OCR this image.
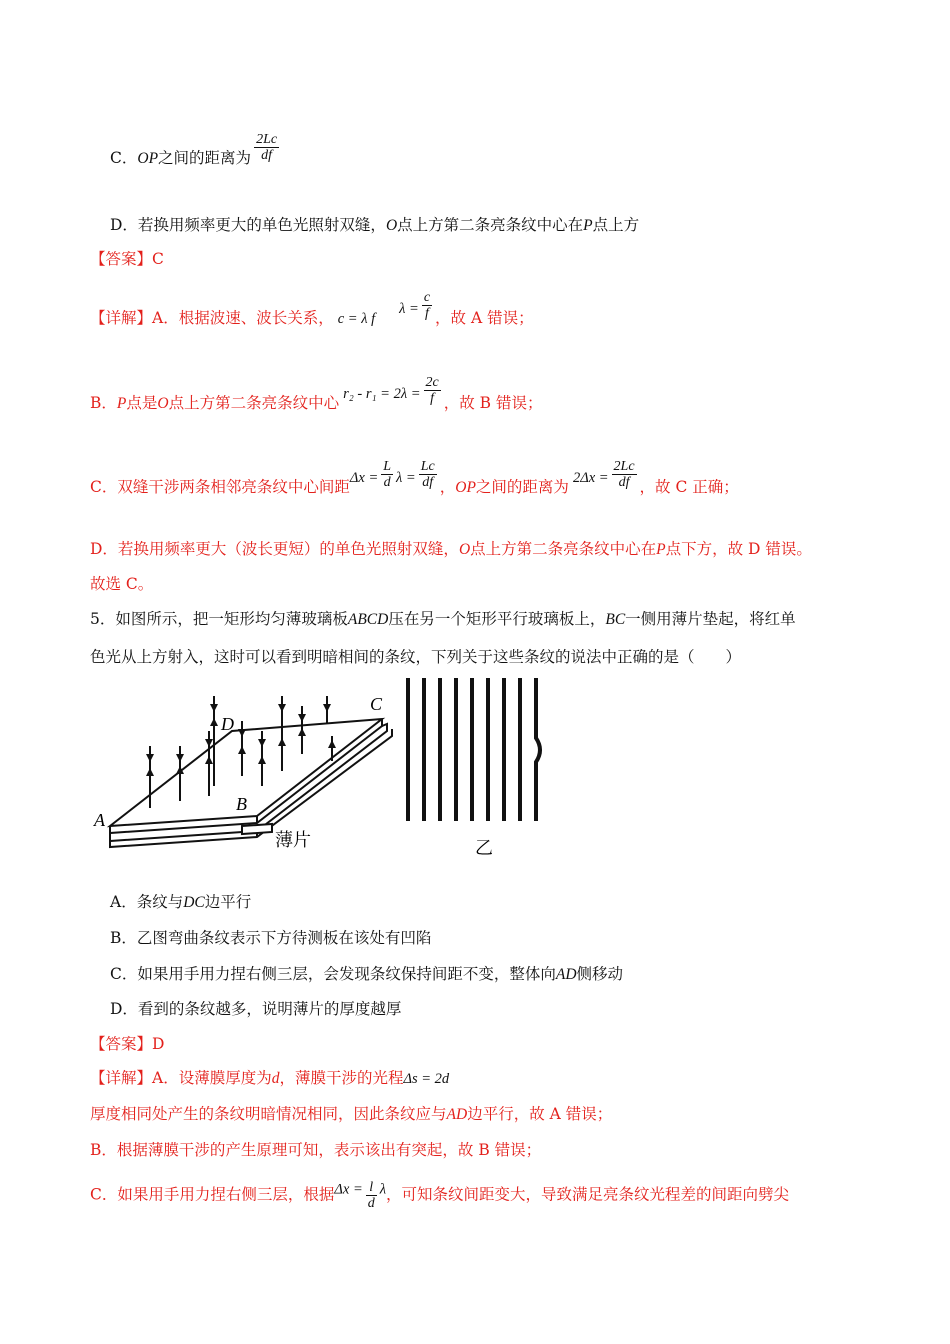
C．OP之间的距离为 $\frac{2Lc}{df}$
D．若换用频率更大的单色光照射双缝，O点上方第二条亮条纹中心在P点上方
【答案】C
【详解】A．根据波速、波长关系， c = λ $f\lambda = \frac{c}{f}$ ，故 A 错误；
B．P点是O点上方第二条亮条纹中心 $r_2 - r_1 = 2\lambda = \frac{2c}{f}$ ，故 B 错误；
C．双缝干涉两条相邻亮条纹中心间距$\Delta x = \frac{L}{d}$ $\lambda = \frac{Lc}{df}$ ，OP之间的距离为 $2\Delta x = \frac{2Lc}{df}$ ，故 C 正确；
D．若换用频率更大（波长更短）的单色光照射双缝，O点上方第二条亮条纹中心在P点下方，故 D 错误。
故选 C。
5．如图所示，把一矩形均匀薄玻璃板ABCD压在另一个矩形平行玻璃板上，BC一侧用薄片垫起，将红单
色光从上方射入，这时可以看到明暗相间的条纹，下列关于这些条纹的说法中正确的是（　　）
A
B
C
D
薄片	乙
A．条纹与DC边平行
B．乙图弯曲条纹表示下方待测板在该处有凹陷
C．如果用手用力捏右侧三层，会发现条纹保持间距不变，整体向AD侧移动
D．看到的条纹越多，说明薄片的厚度越厚
【答案】D
【详解】A．设薄膜厚度为d，薄膜干涉的光程Δs = 2d
厚度相同处产生的条纹明暗情况相同，因此条纹应与AD边平行，故 A 错误；
B．根据薄膜干涉的产生原理可知，表示该出有突起，故 B 错误；
C．如果用手用力捏右侧三层，根据$\Delta x = \frac{l}{d}$ λ，可知条纹间距变大，导致满足亮条纹光程差的间距向劈尖
